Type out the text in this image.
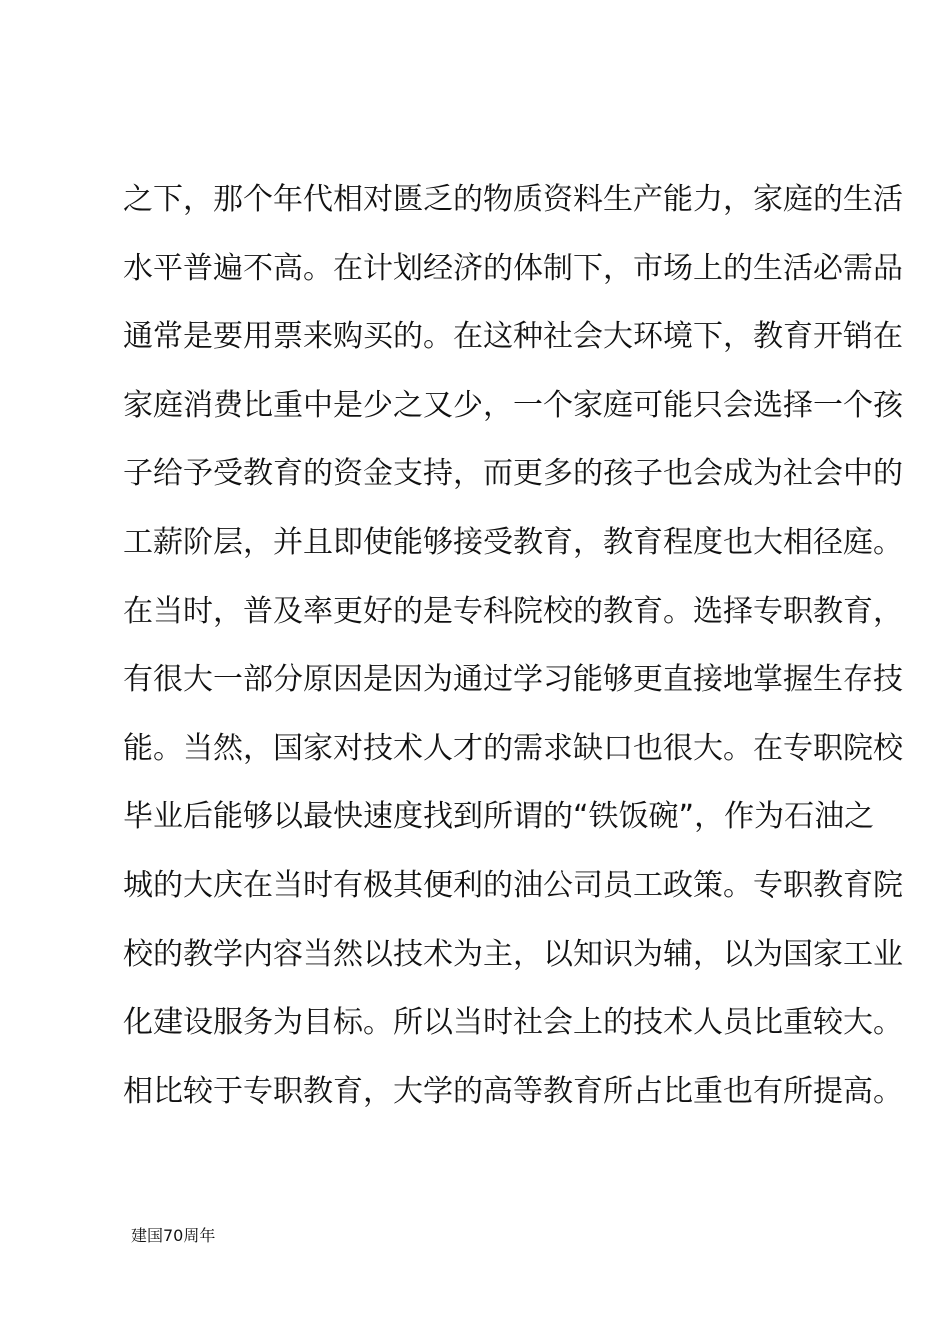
之下，那个年代相对匮乏的物质资料生产能力，家庭的生活
水平普遍不高。在计划经济的体制下，市场上的生活必需品
通常是要用票来购买的。在这种社会大环境下，教育开销在
家庭消费比重中是少之又少，一个家庭可能只会选择一个孩
子给予受教育的资金支持，而更多的孩子也会成为社会中的
工薪阶层，并且即使能够接受教育，教育程度也大相径庭。
在当时，普及率更好的是专科院校的教育。选择专职教育，
有很大一部分原因是因为通过学习能够更直接地掌握生存技
能。当然，国家对技术人才的需求缺口也很大。在专职院校
毕业后能够以最快速度找到所谓的“铁饭碗”，作为石油之
城的大庆在当时有极其便利的油公司员工政策。专职教育院
校的教学内容当然以技术为主，以知识为辅，以为国家工业
化建设服务为目标。所以当时社会上的技术人员比重较大。
相比较于专职教育，大学的高等教育所占比重也有所提高。
建国70周年
